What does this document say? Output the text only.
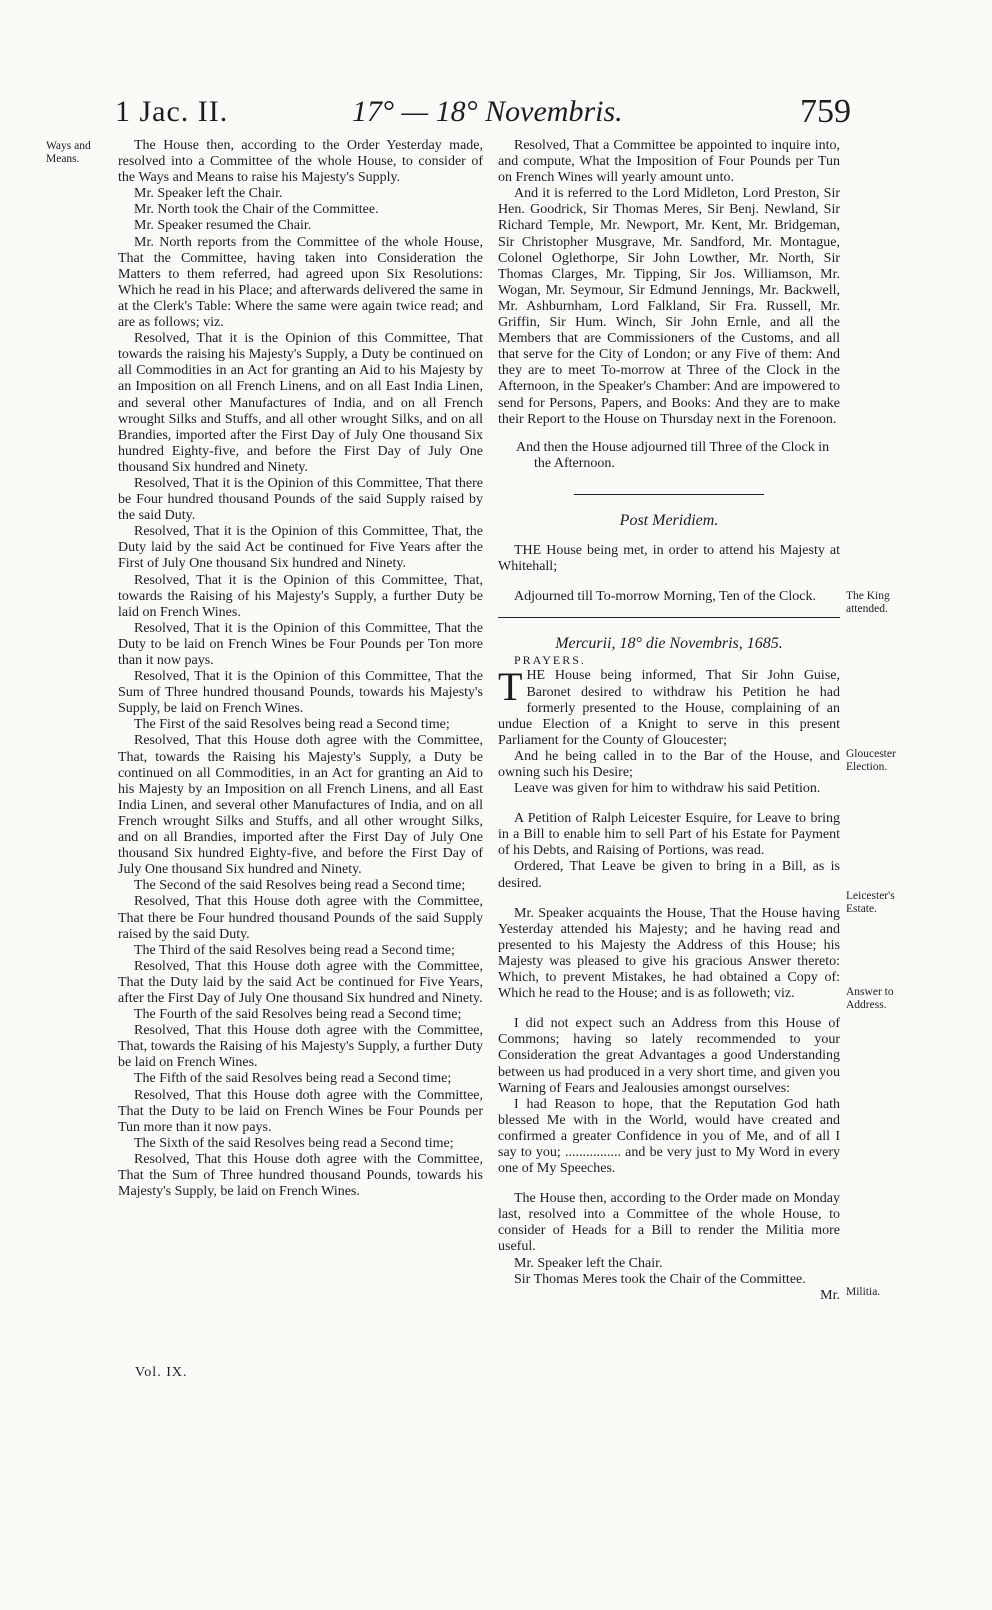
1 Jac. II.	17° — 18° Novembris.	759
Ways and Means.
The King attended.
Gloucester Election.
Leicester's Estate.
Answer to Address.
Militia.

The House then, according to the Order Yesterday made, resolved into a Committee of the whole House, to consider of the Ways and Means to raise his Majesty's Supply.

Mr. Speaker left the Chair.

Mr. North took the Chair of the Committee.

Mr. Speaker resumed the Chair.

Mr. North reports from the Committee of the whole House, That the Committee, having taken into Consideration the Matters to them referred, had agreed upon Six Resolutions: Which he read in his Place; and afterwards delivered the same in at the Clerk's Table: Where the same were again twice read; and are as follows; viz.

Resolved, That it is the Opinion of this Committee, That towards the raising his Majesty's Supply, a Duty be continued on all Commodities in an Act for granting an Aid to his Majesty by an Imposition on all French Linens, and on all East India Linen, and several other Manufactures of India, and on all French wrought Silks and Stuffs, and all other wrought Silks, and on all Brandies, imported after the First Day of July One thousand Six hundred Eighty-five, and before the First Day of July One thousand Six hundred and Ninety.

Resolved, That it is the Opinion of this Committee, That there be Four hundred thousand Pounds of the said Supply raised by the said Duty.

Resolved, That it is the Opinion of this Committee, That, the Duty laid by the said Act be continued for Five Years after the First of July One thousand Six hundred and Ninety.

Resolved, That it is the Opinion of this Committee, That, towards the Raising of his Majesty's Supply, a further Duty be laid on French Wines.

Resolved, That it is the Opinion of this Committee, That the Duty to be laid on French Wines be Four Pounds per Ton more than it now pays.

Resolved, That it is the Opinion of this Committee, That the Sum of Three hundred thousand Pounds, towards his Majesty's Supply, be laid on French Wines.

The First of the said Resolves being read a Second time;

Resolved, That this House doth agree with the Committee, That, towards the Raising his Majesty's Supply, a Duty be continued on all Commodities, in an Act for granting an Aid to his Majesty by an Imposition on all French Linens, and all East India Linen, and several other Manufactures of India, and on all French wrought Silks and Stuffs, and all other wrought Silks, and on all Brandies, imported after the First Day of July One thousand Six hundred Eighty-five, and before the First Day of July One thousand Six hundred and Ninety.

The Second of the said Resolves being read a Second time;

Resolved, That this House doth agree with the Committee, That there be Four hundred thousand Pounds of the said Supply raised by the said Duty.

The Third of the said Resolves being read a Second time;

Resolved, That this House doth agree with the Committee, That the Duty laid by the said Act be continued for Five Years, after the First Day of July One thousand Six hundred and Ninety.

The Fourth of the said Resolves being read a Second time;

Resolved, That this House doth agree with the Committee, That, towards the Raising of his Majesty's Supply, a further Duty be laid on French Wines.

The Fifth of the said Resolves being read a Second time;

Resolved, That this House doth agree with the Committee, That the Duty to be laid on French Wines be Four Pounds per Tun more than it now pays.

The Sixth of the said Resolves being read a Second time;

Resolved, That this House doth agree with the Committee, That the Sum of Three hundred thousand Pounds, towards his Majesty's Supply, be laid on French Wines.

Vol. IX.

Resolved, That a Committee be appointed to inquire into, and compute, What the Imposition of Four Pounds per Tun on French Wines will yearly amount unto.

And it is referred to the Lord Midleton, Lord Preston, Sir Hen. Goodrick, Sir Thomas Meres, Sir Benj. Newland, Sir Richard Temple, Mr. Newport, Mr. Kent, Mr. Bridgeman, Sir Christopher Musgrave, Mr. Sandford, Mr. Montague, Colonel Oglethorpe, Sir John Lowther, Mr. North, Sir Thomas Clarges, Mr. Tipping, Sir Jos. Williamson, Mr. Wogan, Mr. Seymour, Sir Edmund Jennings, Mr. Backwell, Mr. Ashburnham, Lord Falkland, Sir Fra. Russell, Mr. Griffin, Sir Hum. Winch, Sir John Ernle, and all the Members that are Commissioners of the Customs, and all that serve for the City of London; or any Five of them: And they are to meet To-morrow at Three of the Clock in the Afternoon, in the Speaker's Chamber: And are impowered to send for Persons, Papers, and Books: And they are to make their Report to the House on Thursday next in the Forenoon.

And then the House adjourned till Three of the Clock in the Afternoon.

Post Meridiem.

THE House being met, in order to attend his Majesty at Whitehall;

Adjourned till To-morrow Morning, Ten of the Clock.

Mercurii, 18° die Novembris, 1685.

PRAYERS.

THE House being informed, That Sir John Guise, Baronet desired to withdraw his Petition he had formerly presented to the House, complaining of an undue Election of a Knight to serve in this present Parliament for the County of Gloucester;

And he being called in to the Bar of the House, and owning such his Desire;

Leave was given for him to withdraw his said Petition.

A Petition of Ralph Leicester Esquire, for Leave to bring in a Bill to enable him to sell Part of his Estate for Payment of his Debts, and Raising of Portions, was read.

Ordered, That Leave be given to bring in a Bill, as is desired.

Mr. Speaker acquaints the House, That the House having Yesterday attended his Majesty; and he having read and presented to his Majesty the Address of this House; his Majesty was pleased to give his gracious Answer thereto: Which, to prevent Mistakes, he had obtained a Copy of: Which he read to the House; and is as followeth; viz.

I did not expect such an Address from this House of Commons; having so lately recommended to your Consideration the great Advantages a good Understanding between us had produced in a very short time, and given you Warning of Fears and Jealousies amongst ourselves:

I had Reason to hope, that the Reputation God hath blessed Me with in the World, would have created and confirmed a greater Confidence in you of Me, and of all I say to you; ................ and be very just to My Word in every one of My Speeches.

The House then, according to the Order made on Monday last, resolved into a Committee of the whole House, to consider of Heads for a Bill to render the Militia more useful.

Mr. Speaker left the Chair.

Sir Thomas Meres took the Chair of the Committee.

Mr.
